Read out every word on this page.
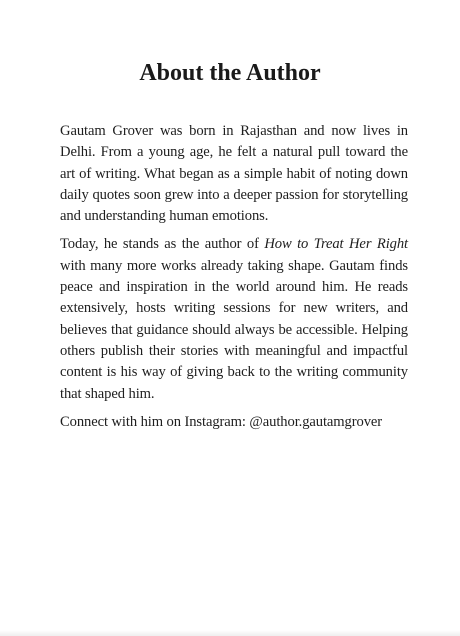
About the Author

Gautam Grover was born in Rajasthan and now lives in Delhi. From a young age, he felt a natural pull toward the art of writing. What began as a simple habit of noting down daily quotes soon grew into a deeper passion for storytelling and understanding human emotions.

Today, he stands as the author of How to Treat Her Right with many more works already taking shape. Gautam finds peace and inspiration in the world around him. He reads extensively, hosts writing sessions for new writers, and believes that guidance should always be accessible. Helping others publish their stories with meaningful and impactful content is his way of giving back to the writing community that shaped him.

Connect with him on Instagram: @author.gautamgrover
